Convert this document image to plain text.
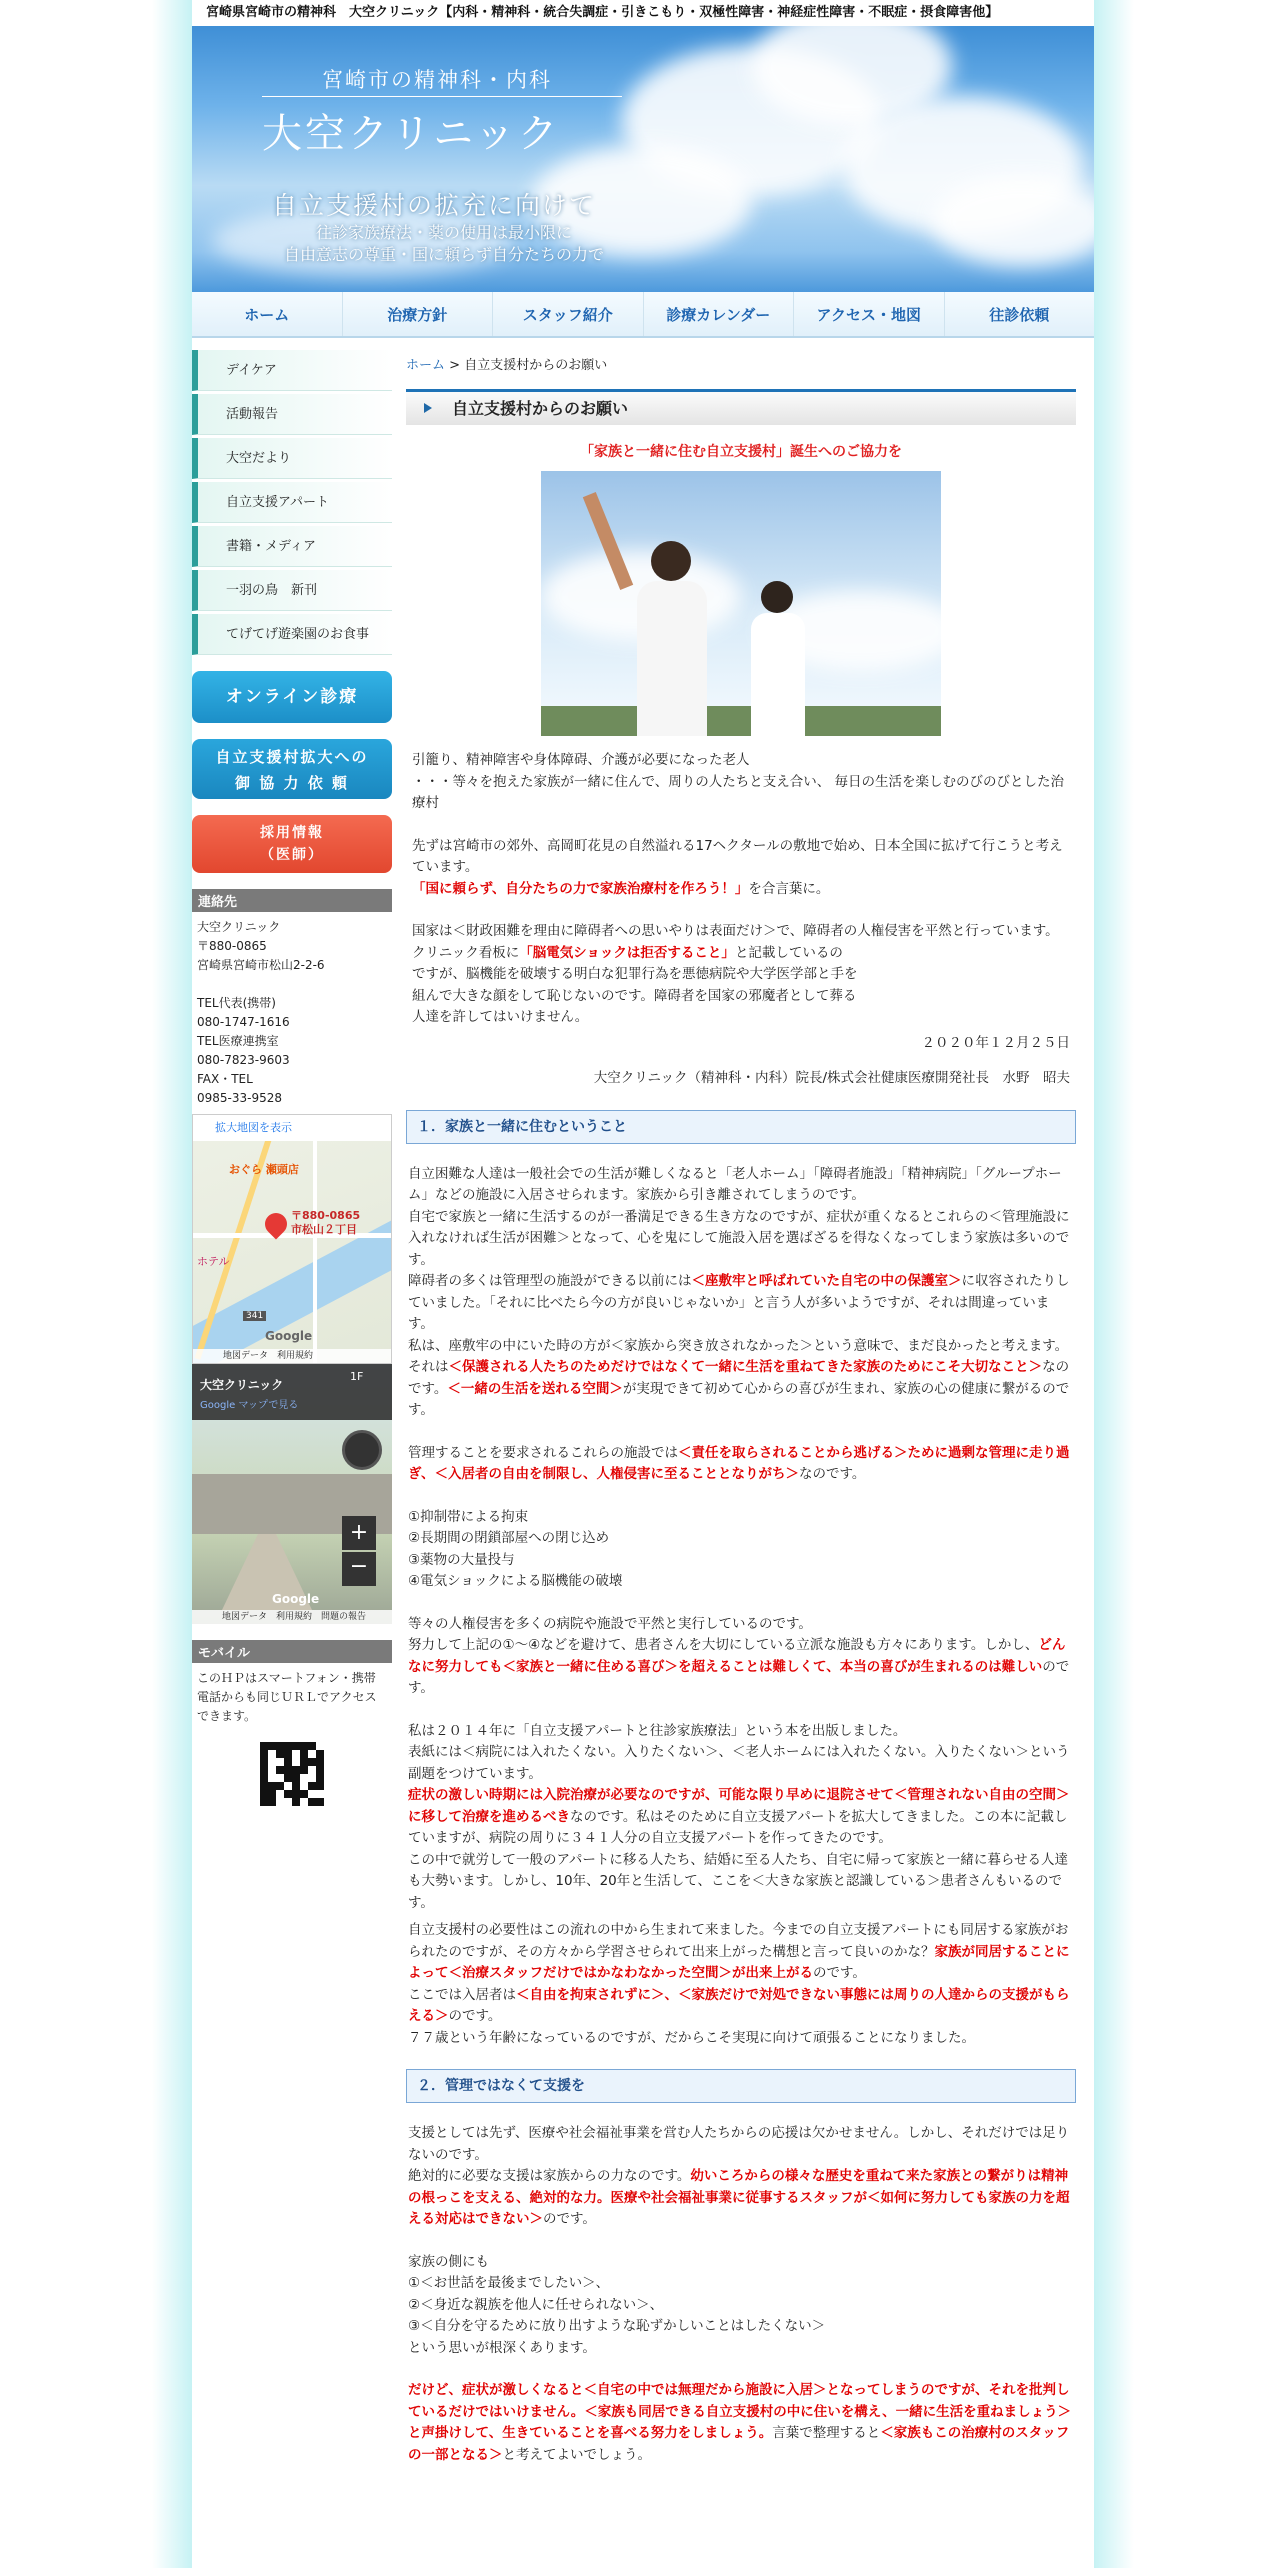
宮崎県宮崎市の精神科　大空クリニック【内科・精神科・統合失調症・引きこもり・双極性障害・神経症性障害・不眠症・摂食障害他】
宮崎市の精神科・内科
大空クリニック
自立支援村の拡充に向けて
往診家族療法・薬の使用は最小限に
自由意志の尊重・国に頼らず自分たちの力で
ホーム	治療方針	スタッフ紹介	診療カレンダー	アクセス・地図	往診依頼
デイケア
活動報告
大空だより
自立支援アパート
書籍・メディア
一羽の鳥　新刊
てげてげ遊楽園のお食事
オンライン診療
自立支援村拡大への
御 協 力 依 頼
採用情報
（医師）
連絡先
大空クリニック
〒880-0865
宮崎県宮崎市松山2-2-6
TEL代表(携帯)
080-1747-1616
TEL医療連携室
080-7823-9603
FAX・TEL
0985-33-9528
拡大地図を表示
〒880-0865
市松山２丁目
ホテル
おぐら 瀬頭店
341
Google
地図データ　利用規約
大空クリニック
Google マップで見る
1F
+
−
Google
地図データ　利用規約　問題の報告
モバイル
このＨＰはスマートフォン・携帯電話からも同じＵＲＬでアクセスできます。
ホーム > 自立支援村からのお願い
自立支援村からのお願い
「家族と一緒に住む自立支援村」誕生へのご協力を

引籠り、精神障害や身体障碍、介護が必要になった老人

・・・等々を抱えた家族が一緒に住んで、周りの人たちと支え合い、 毎日の生活を楽しむのびのびとした治療村

先ずは宮崎市の郊外、高岡町花見の自然溢れる17ヘクタールの敷地で始め、日本全国に拡げて行こうと考えています。

「国に頼らず、自分たちの力で家族治療村を作ろう！」を合言葉に。

国家は＜財政困難を理由に障碍者への思いやりは表面だけ＞で、障碍者の人権侵害を平然と行っています。

クリニック看板に「脳電気ショックは拒否すること」と記載しているの

ですが、脳機能を破壊する明白な犯罪行為を悪徳病院や大学医学部と手を

組んで大きな顔をして恥じないのです。障碍者を国家の邪魔者として葬る

人達を許してはいけません。

２０２０年１２月２５日

大空クリニック（精神科・内科）院長/株式会社健康医療開発社長　水野　昭夫

１．家族と一緒に住むということ

自立困難な人達は一般社会での生活が難しくなると「老人ホーム」「障碍者施設」「精神病院」「グループホーム」などの施設に入居させられます。家族から引き離されてしまうのです。

自宅で家族と一緒に生活するのが一番満足できる生き方なのですが、症状が重くなるとこれらの＜管理施設に入れなければ生活が困難＞となって、心を鬼にして施設入居を選ばざるを得なくなってしまう家族は多いのです。

障碍者の多くは管理型の施設ができる以前には＜座敷牢と呼ばれていた自宅の中の保護室＞に収容されたりしていました。「それに比べたら今の方が良いじゃないか」と言う人が多いようですが、それは間違っています。

私は、座敷牢の中にいた時の方が＜家族から突き放されなかった＞という意味で、まだ良かったと考えます。それは＜保護される人たちのためだけではなくて一緒に生活を重ねてきた家族のためにこそ大切なこと＞なのです。＜一緒の生活を送れる空間＞が実現できて初めて心からの喜びが生まれ、家族の心の健康に繋がるのです。

管理することを要求されるこれらの施設では＜責任を取らされることから逃げる＞ために過剰な管理に走り過ぎ、＜入居者の自由を制限し、人権侵害に至ることとなりがち＞なのです。

①抑制帯による拘束

②長期間の閉鎖部屋への閉じ込め

③薬物の大量投与

④電気ショックによる脳機能の破壊

等々の人権侵害を多くの病院や施設で平然と実行しているのです。

努力して上記の①～④などを避けて、患者さんを大切にしている立派な施設も方々にあります。しかし、どんなに努力しても＜家族と一緒に住める喜び＞を超えることは難しくて、本当の喜びが生まれるのは難しいのです。

私は２０１４年に「自立支援アパートと往診家族療法」という本を出版しました。

表紙には＜病院には入れたくない。入りたくない＞、＜老人ホームには入れたくない。入りたくない＞という副題をつけています。

症状の激しい時期には入院治療が必要なのですが、可能な限り早めに退院させて＜管理されない自由の空間＞に移して治療を進めるべきなのです。私はそのために自立支援アパートを拡大してきました。この本に記載していますが、病院の周りに３４１人分の自立支援アパートを作ってきたのです。

この中で就労して一般のアパートに移る人たち、結婚に至る人たち、自宅に帰って家族と一緒に暮らせる人達も大勢います。しかし、10年、20年と生活して、ここを＜大きな家族と認識している＞患者さんもいるのです。

自立支援村の必要性はこの流れの中から生まれて来ました。今までの自立支援アパートにも同居する家族がおられたのですが、その方々から学習させられて出来上がった構想と言って良いのかな？家族が同居することによって＜治療スタッフだけではかなわなかった空間＞が出来上がるのです。

ここでは入居者は＜自由を拘束されずに＞、＜家族だけで対処できない事態には周りの人達からの支援がもらえる＞のです。

７７歳という年齢になっているのですが、だからこそ実現に向けて頑張ることになりました。

２．管理ではなくて支援を

支援としては先ず、医療や社会福祉事業を営む人たちからの応援は欠かせません。しかし、それだけでは足りないのです。

絶対的に必要な支援は家族からの力なのです。幼いころからの様々な歴史を重ねて来た家族との繋がりは精神の根っこを支える、絶対的な力。医療や社会福祉事業に従事するスタッフが＜如何に努力しても家族の力を超える対応はできない＞のです。

家族の側にも

①＜お世話を最後までしたい＞、

②＜身近な親族を他人に任せられない＞、

③＜自分を守るために放り出すような恥ずかしいことはしたくない＞

という思いが根深くあります。

だけど、症状が激しくなると＜自宅の中では無理だから施設に入居＞となってしまうのですが、それを批判しているだけではいけません。＜家族も同居できる自立支援村の中に住いを構え、一緒に生活を重ねましょう＞と声掛けして、生きていることを喜べる努力をしましょう。言葉で整理すると＜家族もこの治療村のスタッフの一部となる＞と考えてよいでしょう。
